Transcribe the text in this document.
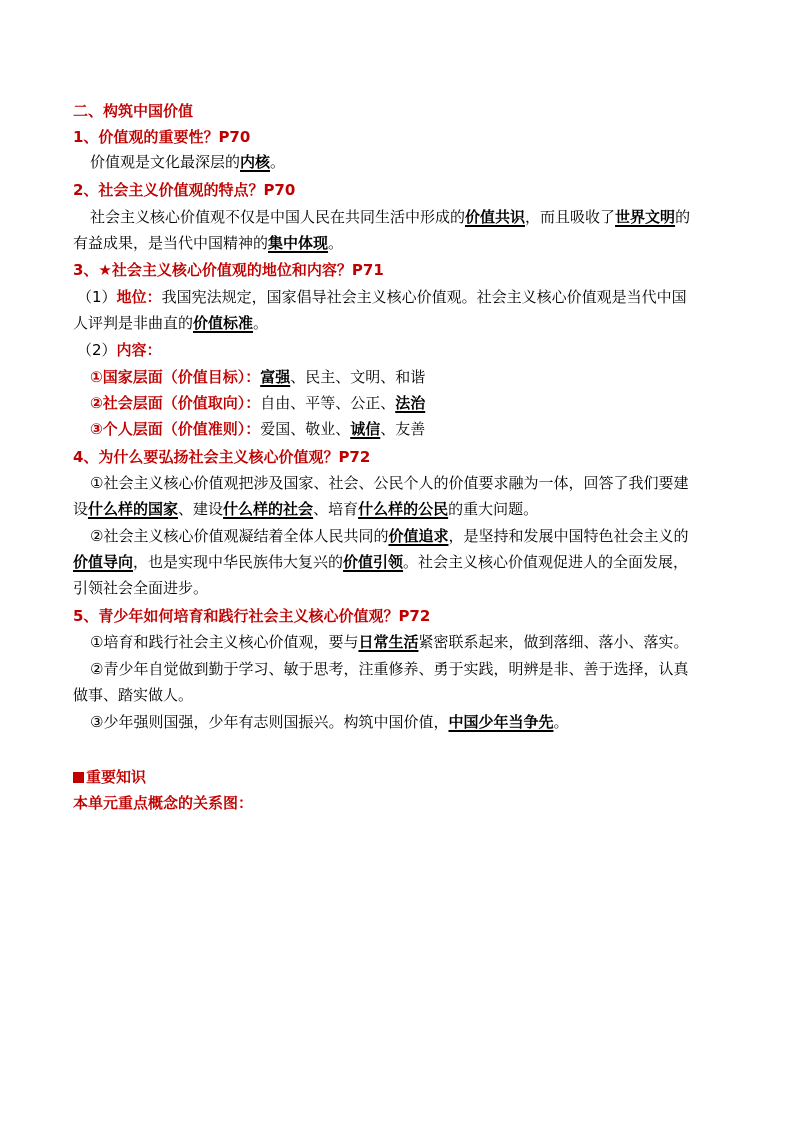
二、构筑中国价值
1、价值观的重要性？P70
价值观是文化最深层的内核。
2、社会主义价值观的特点？P70
社会主义核心价值观不仅是中国人民在共同生活中形成的价值共识，而且吸收了世界文明的
有益成果，是当代中国精神的集中体现。
3、★社会主义核心价值观的地位和内容？P71
（1）地位：我国宪法规定，国家倡导社会主义核心价值观。社会主义核心价值观是当代中国
人评判是非曲直的价值标准。
（2）内容：
①国家层面（价值目标）：富强、民主、文明、和谐
②社会层面（价值取向）：自由、平等、公正、法治
③个人层面（价值准则）：爱国、敬业、诚信、友善
4、为什么要弘扬社会主义核心价值观？P72
①社会主义核心价值观把涉及国家、社会、公民个人的价值要求融为一体，回答了我们要建
设什么样的国家、建设什么样的社会、培育什么样的公民的重大问题。
②社会主义核心价值观凝结着全体人民共同的价值追求，是坚持和发展中国特色社会主义的
价值导向，也是实现中华民族伟大复兴的价值引领。社会主义核心价值观促进人的全面发展，
引领社会全面进步。
5、青少年如何培育和践行社会主义核心价值观？P72
①培育和践行社会主义核心价值观，要与日常生活紧密联系起来，做到落细、落小、落实。
②青少年自觉做到勤于学习、敏于思考，注重修养、勇于实践，明辨是非、善于选择，认真
做事、踏实做人。
③少年强则国强，少年有志则国振兴。构筑中国价值，中国少年当争先。
重要知识
本单元重点概念的关系图：
